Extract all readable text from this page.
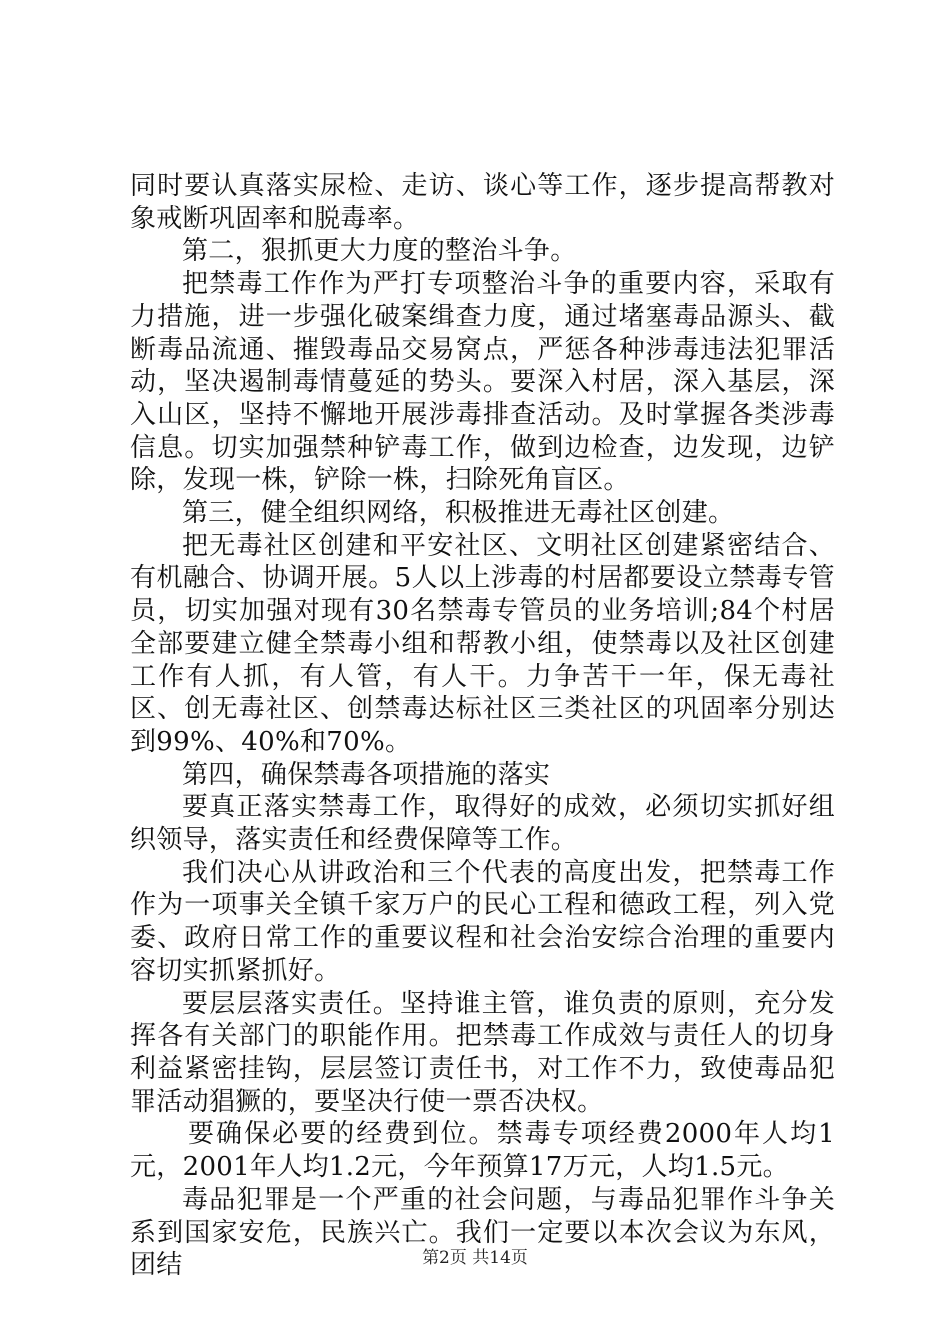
同时要认真落实尿检、走访、谈心等工作，逐步提高帮教对象戒断巩固率和脱毒率。

第二，狠抓更大力度的整治斗争。

把禁毒工作作为严打专项整治斗争的重要内容，采取有力措施，进一步强化破案缉查力度，通过堵塞毒品源头、截断毒品流通、摧毁毒品交易窝点，严惩各种涉毒违法犯罪活动，坚决遏制毒情蔓延的势头。要深入村居，深入基层，深入山区，坚持不懈地开展涉毒排查活动。及时掌握各类涉毒信息。切实加强禁种铲毒工作，做到边检查，边发现，边铲除，发现一株，铲除一株，扫除死角盲区。

第三，健全组织网络，积极推进无毒社区创建。

把无毒社区创建和平安社区、文明社区创建紧密结合、有机融合、协调开展。5人以上涉毒的村居都要设立禁毒专管员，切实加强对现有30名禁毒专管员的业务培训;84个村居全部要建立健全禁毒小组和帮教小组，使禁毒以及社区创建工作有人抓，有人管，有人干。力争苦干一年，保无毒社区、创无毒社区、创禁毒达标社区三类社区的巩固率分别达到99%、40%和70%。

第四，确保禁毒各项措施的落实

要真正落实禁毒工作，取得好的成效，必须切实抓好组织领导，落实责任和经费保障等工作。

我们决心从讲政治和三个代表的高度出发，把禁毒工作作为一项事关全镇千家万户的民心工程和德政工程，列入党委、政府日常工作的重要议程和社会治安综合治理的重要内容切实抓紧抓好。

要层层落实责任。坚持谁主管，谁负责的原则，充分发挥各有关部门的职能作用。把禁毒工作成效与责任人的切身利益紧密挂钩，层层签订责任书，对工作不力，致使毒品犯罪活动猖獗的，要坚决行使一票否决权。

要确保必要的经费到位。禁毒专项经费2000年人均1元，2001年人均1.2元，今年预算17万元，人均1.5元。

毒品犯罪是一个严重的社会问题，与毒品犯罪作斗争关系到国家安危，民族兴亡。我们一定要以本次会议为东风，团结	第2页 共14页
